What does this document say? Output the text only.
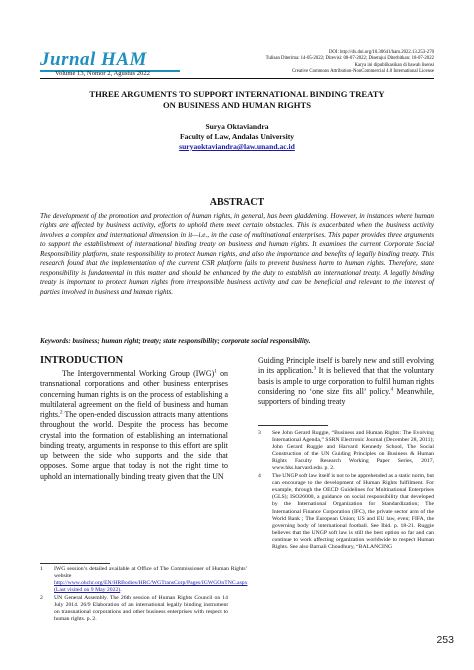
Jurnal HAM
Volume 13, Nomor 2, Agustus 2022
DOI: http://dx.doi.org/10.30641/ham.2022.13.253-270
Tulisan Diterima: 14-05-2022; Direvisi: 08-07-2022; Disetujui Diterbitkan: 18-07-2022
Karya ini dipublikasikan di bawah lisensi
Creative Commons Attribution-NonCommercial 4.0 International License
THREE ARGUMENTS TO SUPPORT INTERNATIONAL BINDING TREATY
ON BUSINESS AND HUMAN RIGHTS
Surya Oktaviandra
Faculty of Law, Andalas University
suryaoktaviandra@law.unand.ac.id
ABSTRACT
The development of the promotion and protection of human rights, in general, has been gladdening. However, in instances where human rights are affected by business activity, efforts to uphold them meet certain obstacles. This is exacerbated when the business activity involves a complex and international dimension in it—i.e., in the case of multinational enterprises. This paper provides three arguments to support the establishment of international binding treaty on business and human rights. It examines the current Corporate Social Responsibility platform, state responsibility to protect human rights, and also the importance and benefits of legally binding treaty. This research found that the implementation of the current CSR platform fails to prevent business harm to human rights. Therefore, state responsibility is fundamental in this matter and should be enhanced by the duty to establish an international treaty. A legally binding treaty is important to protect human rights from irresponsible business activity and can be beneficial and relevant to the interest of parties involved in business and human rights.
Keywords: business; human right; treaty; state responsibility; corporate social responsibility.
INTRODUCTION

The Intergovernmental Working Group (IWG)$^1$ on transnational corporations and other business enterprises concerning human rights is on the process of establishing a multilateral agreement on the field of business and human rights.$^2$ The open-ended discussion attracts many attentions throughout the world. Despite the process has become crystal into the formation of establishing an international binding treaty, arguments in response to this effort are split up between the side who supports and the side that opposes. Some argue that today is not the right time to uphold an internationally binding treaty given that the UN

1	IWG session’s detailed available at Office of The Commissioner of Human Rights’ website http://www.ohchr.org/EN/HRBodies/HRC/WGTransCorp/Pages/IGWGOnTNC.aspx (Last visited on 9 May 2022).
2	UN General Assembly. The 26th session of Human Rights Council on 14 July 2014. 26/9 Elaboration of an international legally binding instrument on transnational corporations and other business enterprises with respect to human rights. p. 2.

Guiding Principle itself is barely new and still evolving in its application.$^3$ It is believed that that the voluntary basis is ample to urge corporation to fulfil human rights considering no ‘one size fits all’ policy.$^4$ Meanwhile, supporters of binding treaty

3	See John Gerard Ruggie, “Business and Human Rights: The Evolving International Agenda,” SSRN Electronic Journal (December 28, 2011); John Gerard Ruggie and Harvard Kennedy School, The Social Construction of the UN Guiding Principles on Business & Human Rights Faculty Research Working Paper Series, 2017, www.hks.harvard.edu. p. 2.
4	The UNGP soft law itself is not to be apprehended as a static norm, but can encourage to the development of Human Rights fulfilment. For example, through the OECD Guidelines for Multinational Enterprises (GLS); ISO26000, a guidance on social responsibility that developed by the International Organization for Standardization; The International Finance Corporation (IFC), the private sector arm of the World Bank ; The European Union; US and EU law, even; FIFA, the governing body of international football. See Ibid. p. 18-21. Ruggie believes that the UNGP soft law is still the best option so far and can continue to work affecting organization worldwide to respect Human Rights. See also Barnali Choudhury, “BALANCING
253
